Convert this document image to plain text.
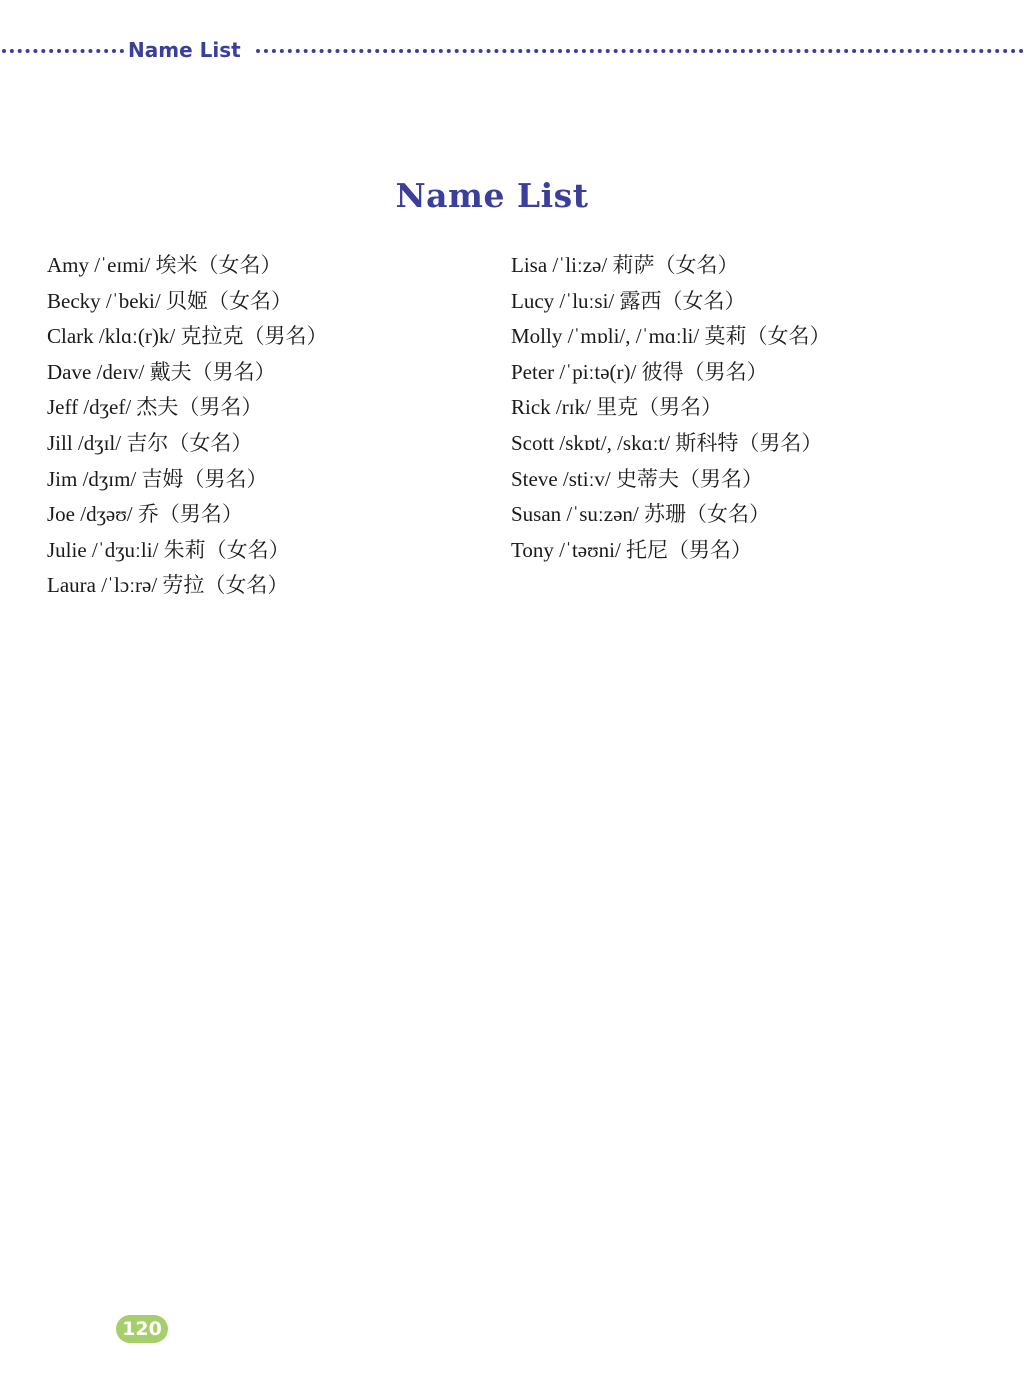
Name List
Name List
Amy /ˈeɪmi/ 埃米（女名）
Becky /ˈbeki/ 贝姬（女名）
Clark /klɑː(r)k/ 克拉克（男名）
Dave /deɪv/ 戴夫（男名）
Jeff /dʒef/ 杰夫（男名）
Jill /dʒɪl/ 吉尔（女名）
Jim /dʒɪm/ 吉姆（男名）
Joe /dʒəʊ/ 乔（男名）
Julie /ˈdʒuːli/ 朱莉（女名）
Laura /ˈlɔːrə/ 劳拉（女名）
Lisa /ˈliːzə/ 莉萨（女名）
Lucy /ˈluːsi/ 露西（女名）
Molly /ˈmɒli/, /ˈmɑːli/ 莫莉（女名）
Peter /ˈpiːtə(r)/ 彼得（男名）
Rick /rɪk/ 里克（男名）
Scott /skɒt/, /skɑːt/ 斯科特（男名）
Steve /stiːv/ 史蒂夫（男名）
Susan /ˈsuːzən/ 苏珊（女名）
Tony /ˈtəʊni/ 托尼（男名）
120
